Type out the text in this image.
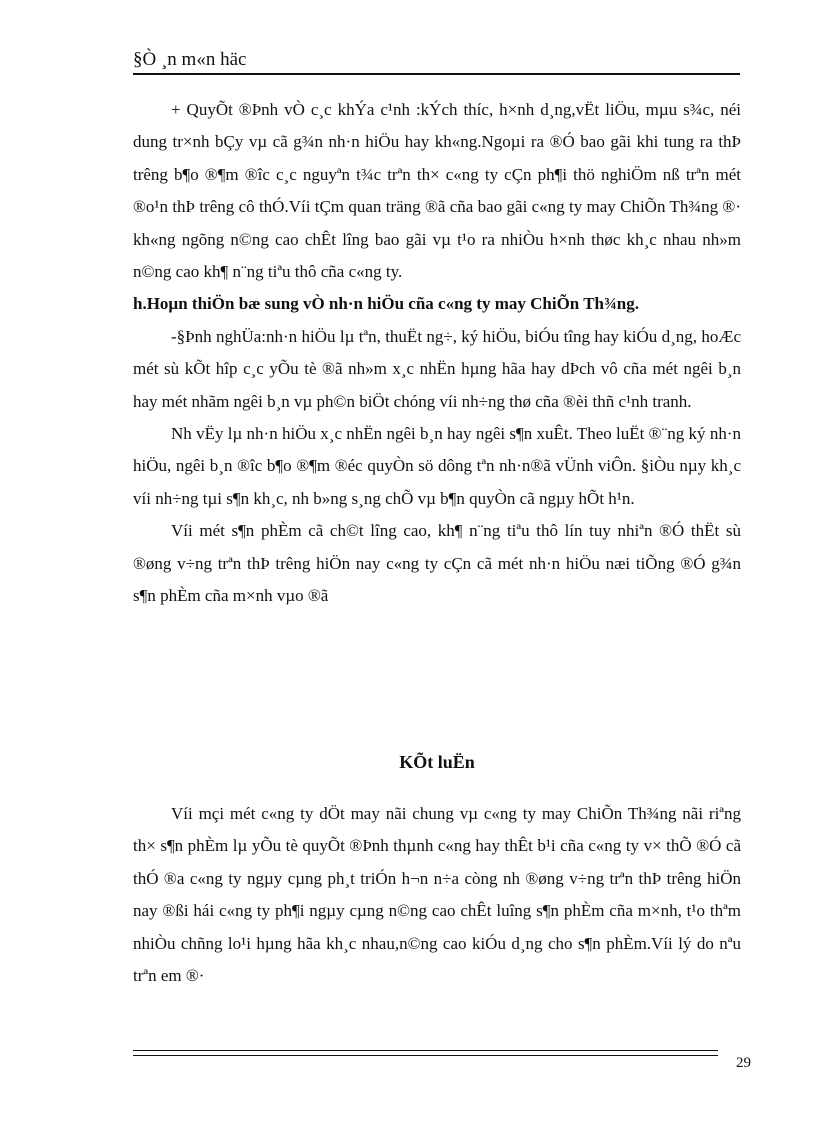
§Ò ¸n m«n häc

+ QuyÕt ®Þnh vÒ c¸c khÝa c¹nh :kÝch thíc, h×nh d¸ng,vËt liÖu, mµu s¾c, néi dung tr×nh bÇy vµ cã g¾n nh·n hiÖu hay kh«ng.Ngoµi ra ®Ó bao gãi khi tung ra thÞ trêng b¶o ®¶m ®îc c¸c nguyªn t¾c trªn th× c«ng ty cÇn ph¶i thö nghiÖm nß trªn mét ®o¹n thÞ trêng cô thÓ.Víi tÇm quan träng ®ã cña bao gãi c«ng ty may ChiÕn Th¾ng ®· kh«ng ngõng n©ng cao chÊt lîng bao gãi vµ t¹o ra nhiÒu h×nh thøc kh¸c nhau nh»m n©ng cao kh¶ n¨ng tiªu thô cña c«ng ty.

h.Hoµn thiÖn bæ sung vÒ nh·n hiÖu cña c«ng ty may ChiÕn Th¾ng.

-§Þnh nghÜa:nh·n hiÖu lµ tªn, thuËt ng÷, ký hiÖu, biÓu tîng hay kiÓu d¸ng, hoÆc mét sù kÕt hîp c¸c yÕu tè ®ã nh»m x¸c nhËn hµng hãa hay dÞch vô cña mét ngêi b¸n hay mét nhãm ngêi b¸n vµ ph©n biÖt chóng víi nh÷ng thø cña ®èi thñ c¹nh tranh.

Nh vËy lµ nh·n hiÖu x¸c nhËn ngêi b¸n hay ngêi s¶n xuÊt. Theo luËt ®¨ng ký nh·n hiÖu, ngêi b¸n ®îc b¶o ®¶m ®éc quyÒn sö dông tªn nh·n®ã vÜnh viÔn. §iÒu nµy kh¸c víi nh÷ng tµi s¶n kh¸c, nh b»ng s¸ng chÕ vµ b¶n quyÒn cã ngµy hÕt h¹n.

Víi mét s¶n phÈm cã ch©t lîng cao, kh¶ n¨ng tiªu thô lín tuy nhiªn ®Ó thËt sù ®øng v÷ng trªn thÞ trêng hiÖn nay c«ng ty cÇn cã mét nh·n hiÖu næi tiÕng ®Ó g¾n s¶n phÈm cña m×nh vµo ®ã

KÕt luËn

Víi mçi mét c«ng ty dÖt may nãi chung vµ c«ng ty may ChiÕn Th¾ng nãi riªng th× s¶n phÈm lµ yÕu tè quyÕt ®Þnh thµnh c«ng hay thÊt b¹i cña c«ng ty v× thÕ ®Ó cã thÓ ®a c«ng ty ngµy cµng ph¸t triÓn h¬n n÷a còng nh ®øng v÷ng trªn thÞ trêng hiÖn nay ®ßi hái c«ng ty ph¶i ngµy cµng n©ng cao chÊt luîng s¶n phÈm cña m×nh, t¹o thªm nhiÒu chñng lo¹i hµng hãa kh¸c nhau,n©ng cao kiÓu d¸ng cho s¶n phÈm.Víi lý do nªu trªn em ®·

29
